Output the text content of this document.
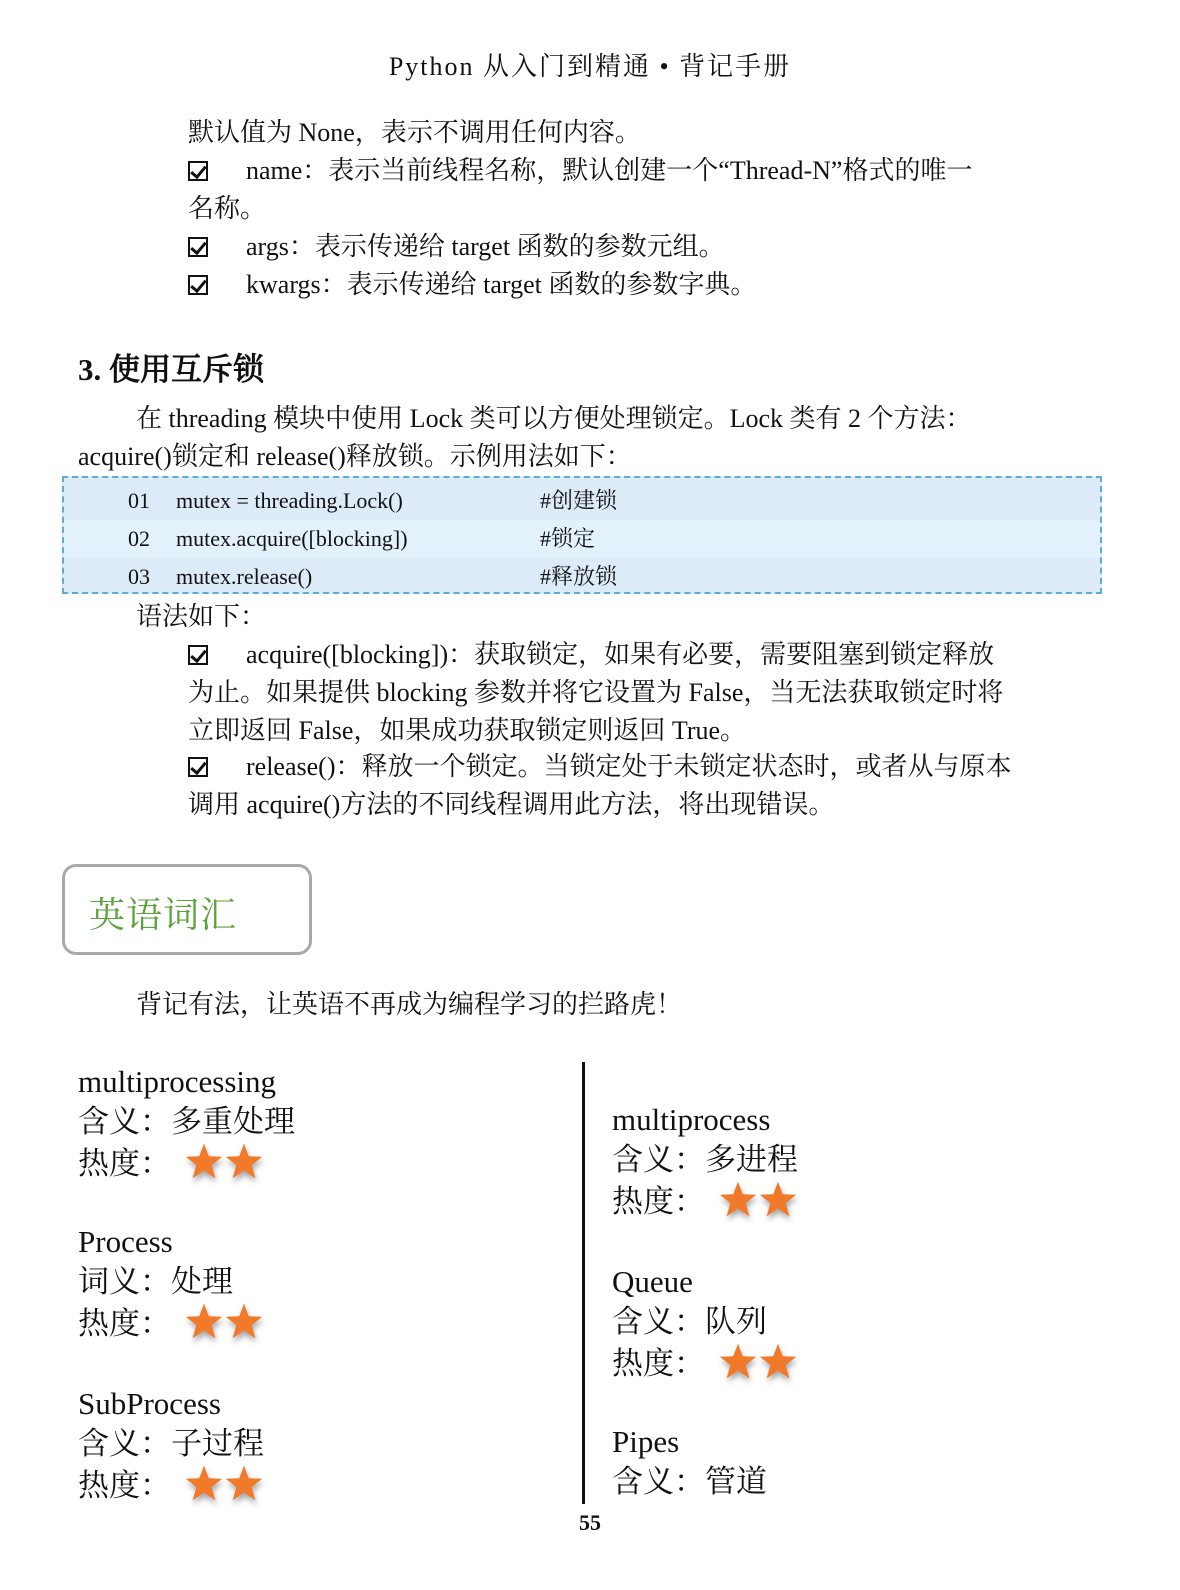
Python 从入门到精通 • 背记手册

默认值为 None，表示不调用任何内容。

name：表示当前线程名称，默认创建一个“Thread-N”格式的唯一
名称。
args：表示传递给 target 函数的参数元组。
kwargs：表示传递给 target 函数的参数字典。
3. 使用互斥锁

在 threading 模块中使用 Lock 类可以方便处理锁定。Lock 类有 2 个方法：

acquire()锁定和 release()释放锁。示例用法如下：

01 mutex = threading.Lock()	#创建锁
02 mutex.acquire([blocking])	#锁定
03 mutex.release()	#释放锁

语法如下：

acquire([blocking])：获取锁定，如果有必要，需要阻塞到锁定释放
为止。如果提供 blocking 参数并将它设置为 False，当无法获取锁定时将
立即返回 False，如果成功获取锁定则返回 True。
release()：释放一个锁定。当锁定处于未锁定状态时，或者从与原本
调用 acquire()方法的不同线程调用此方法，将出现错误。
英语词汇

背记有法，让英语不再成为编程学习的拦路虎！

multiprocessing
含义：多重处理
热度：
Process
词义：处理
热度：
SubProcess
含义：子过程
热度：
multiprocess
含义：多进程
热度：
Queue
含义：队列
热度：
Pipes
含义：管道
55
